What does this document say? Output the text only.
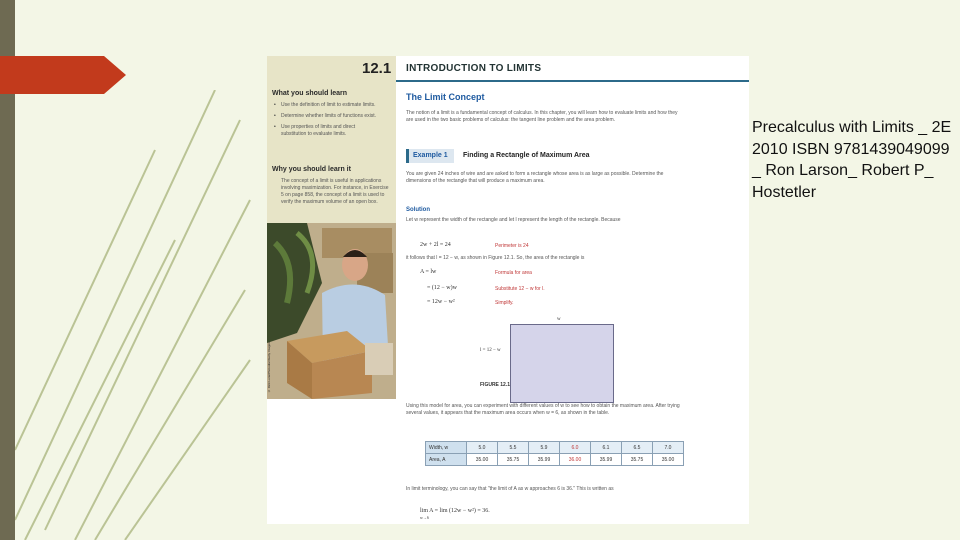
12.1 INTRODUCTION TO LIMITS
What you should learn
• Use the definition of limit to estimate limits.
• Determine whether limits of functions exist.
• Use properties of limits and direct substitution to evaluate limits.
Why you should learn it
The concept of a limit is useful in applications involving maximization. For instance, in Exercise 5 on page 858, the concept of a limit is used to verify the maximum volume of an open box.
© Dick Luria/Photodisc/Getty Images
The Limit Concept
The notion of a limit is a fundamental concept of calculus. In this chapter, you will learn how to evaluate limits and how they are used in the two basic problems of calculus: the tangent line problem and the area problem.
Example 1	Finding a Rectangle of Maximum Area
You are given 24 inches of wire and are asked to form a rectangle whose area is as large as possible. Determine the dimensions of the rectangle that will produce a maximum area.
Solution
Let w represent the width of the rectangle and let l represent the length of the rectangle. Because
2w + 2l = 24	Perimeter is 24
it follows that l = 12 − w, as shown in Figure 12.1. So, the area of the rectangle is
A = lw	Formula for area
= (12 − w)w	Substitute 12 − w for l.
= 12w − w²	Simplify.
w
l = 12 − w
FIGURE 12.1
Using this model for area, you can experiment with different values of w to see how to obtain the maximum area. After trying several values, it appears that the maximum area occurs when w = 6, as shown in the table.
Width, w	5.0	5.5	5.9	6.0	6.1	6.5	7.0
Area, A	35.00	35.75	35.99	36.00	35.99	35.75	35.00
In limit terminology, you can say that "the limit of A as w approaches 6 is 36." This is written as
lim A = lim (12w − w²) = 36.
w→6
Precalculus with Limits _ 2E 2010 ISBN 9781439049099 _ Ron Larson_ Robert P_ Hostetler
